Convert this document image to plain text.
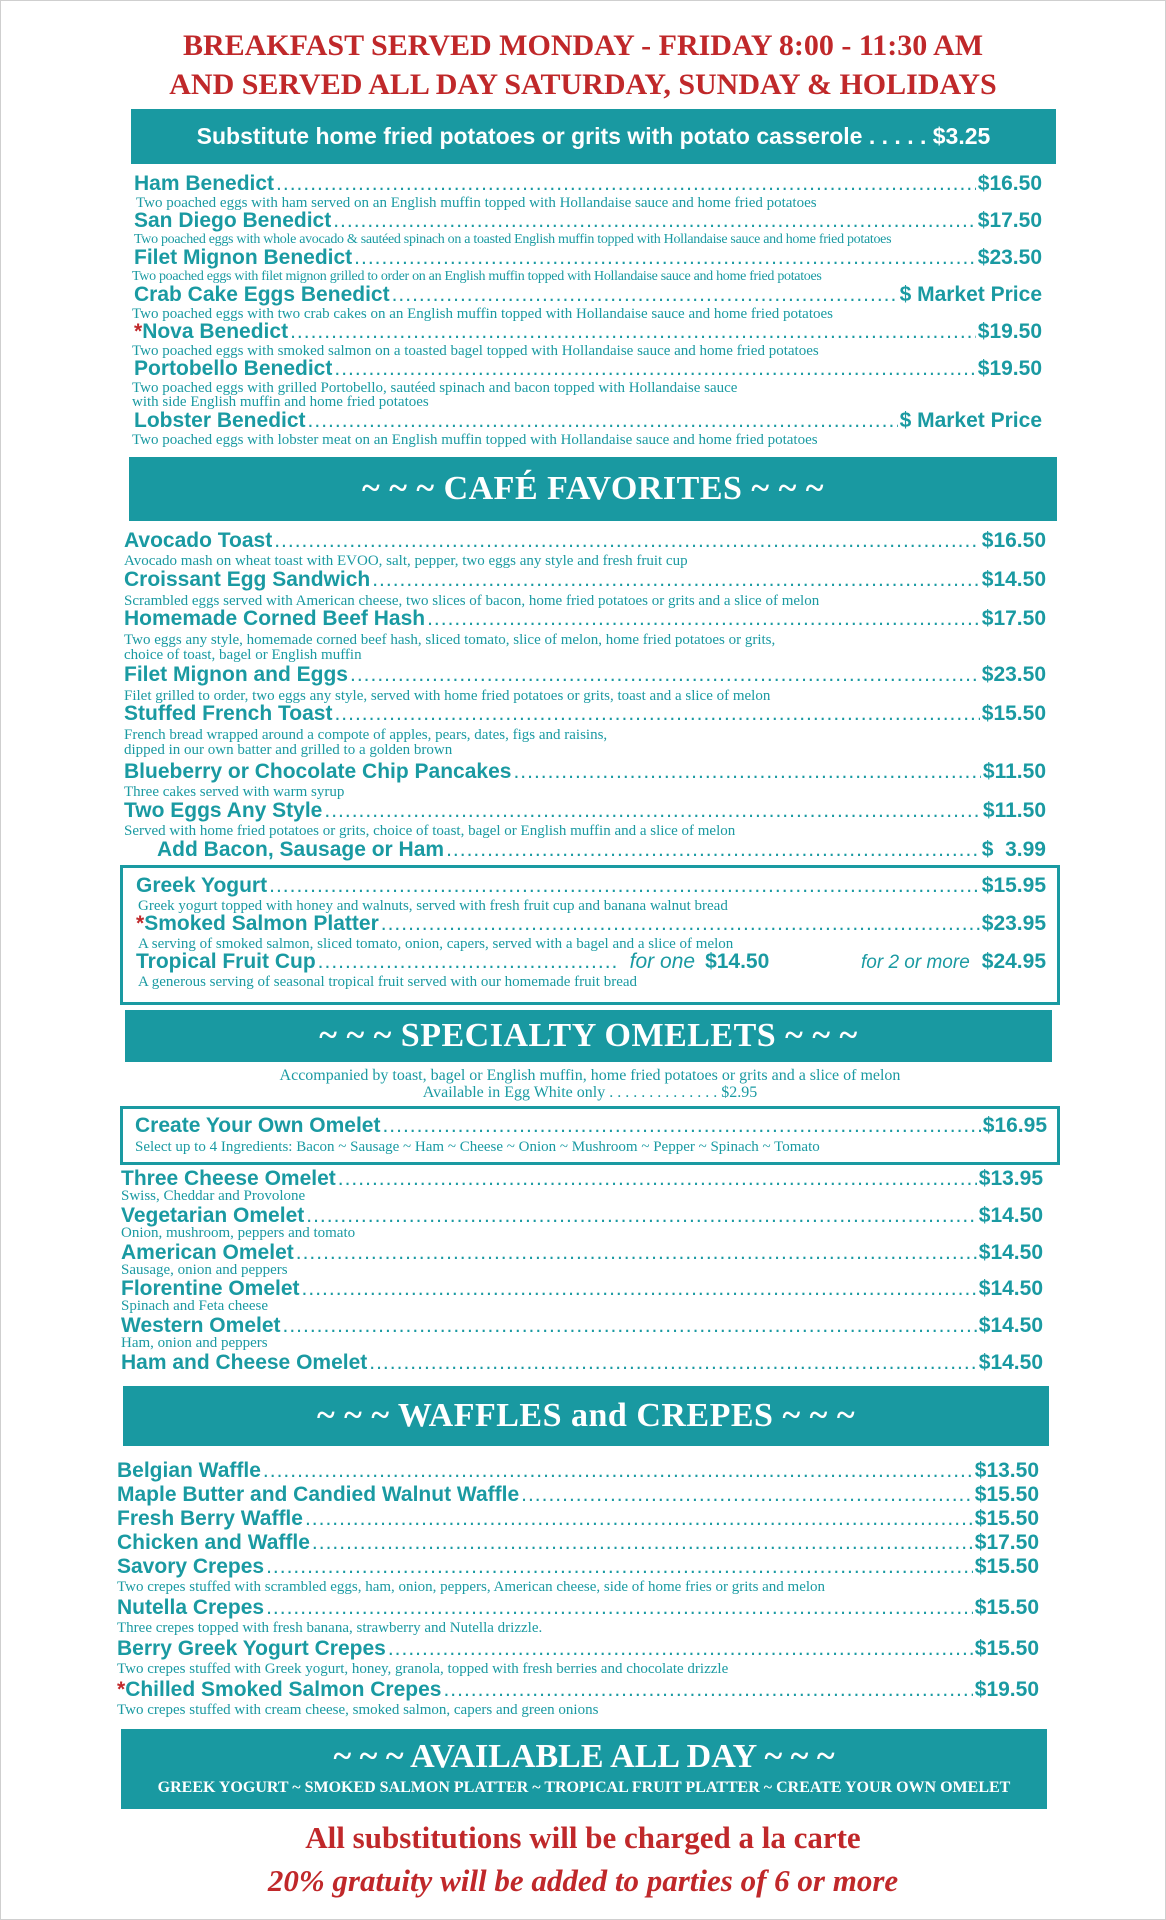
BREAKFAST SERVED MONDAY - FRIDAY 8:00 - 11:30 AM
AND SERVED ALL DAY SATURDAY, SUNDAY & HOLIDAYS
Substitute home fried potatoes or grits with potato casserole . . . . . $3.25
Ham Benedict .....	$16.50
Two poached eggs with ham served on an English muffin topped with Hollandaise sauce and home fried potatoes
San Diego Benedict .....	$17.50
Two poached eggs with whole avocado & sautéed spinach on a toasted English muffin topped with Hollandaise sauce and home fried potatoes
Filet Mignon Benedict .....	$23.50
Two poached eggs with filet mignon grilled to order on an English muffin topped with Hollandaise sauce and home fried potatoes
Crab Cake Eggs Benedict .....	$ Market Price
Two poached eggs with two crab cakes on an English muffin topped with Hollandaise sauce and home fried potatoes
*Nova Benedict .....	$19.50
Two poached eggs with smoked salmon on a toasted bagel topped with Hollandaise sauce and home fried potatoes
Portobello Benedict .....	$19.50
Two poached eggs with grilled Portobello, sautéed spinach and bacon topped with Hollandaise sauce
with side English muffin and home fried potatoes
Lobster Benedict .....	$ Market Price
Two poached eggs with lobster meat on an English muffin topped with Hollandaise sauce and home fried potatoes
~ ~ ~ CAFÉ FAVORITES ~ ~ ~
Avocado Toast .....	$16.50
Avocado mash on wheat toast with EVOO, salt, pepper, two eggs any style and fresh fruit cup
Croissant Egg Sandwich .....	$14.50
Scrambled eggs served with American cheese, two slices of bacon, home fried potatoes or grits and a slice of melon
Homemade Corned Beef Hash .....	$17.50
Two eggs any style, homemade corned beef hash, sliced tomato, slice of melon, home fried potatoes or grits,
choice of toast, bagel or English muffin
Filet Mignon and Eggs .....	$23.50
Filet grilled to order, two eggs any style, served with home fried potatoes or grits, toast and a slice of melon
Stuffed French Toast .....	$15.50
French bread wrapped around a compote of apples, pears, dates, figs and raisins,
dipped in our own batter and grilled to a golden brown
Blueberry or Chocolate Chip Pancakes .....	$11.50
Three cakes served with warm syrup
Two Eggs Any Style .....	$11.50
Served with home fried potatoes or grits, choice of toast, bagel or English muffin and a slice of melon
Add Bacon, Sausage or Ham .....	$  3.99
Greek Yogurt .....	$15.95
Greek yogurt topped with honey and walnuts, served with fresh fruit cup and banana walnut bread
*Smoked Salmon Platter .....	$23.95
A serving of smoked salmon, sliced tomato, onion, capers, served with a bagel and a slice of melon
Tropical Fruit Cup .....	for one $14.50	for 2 or more $24.95
A generous serving of seasonal tropical fruit served with our homemade fruit bread
~ ~ ~ SPECIALTY OMELETS ~ ~ ~
Accompanied by toast, bagel or English muffin, home fried potatoes or grits and a slice of melon
Available in Egg White only . . . . . . . . . . . . . . $2.95
Create Your Own Omelet .....	$16.95
Select up to 4 Ingredients: Bacon ~ Sausage ~ Ham ~ Cheese ~ Onion ~ Mushroom ~ Pepper ~ Spinach ~ Tomato
Three Cheese Omelet .....	$13.95
Swiss, Cheddar and Provolone
Vegetarian Omelet .....	$14.50
Onion, mushroom, peppers and tomato
American Omelet .....	$14.50
Sausage, onion and peppers
Florentine Omelet .....	$14.50
Spinach and Feta cheese
Western Omelet .....	$14.50
Ham, onion and peppers
Ham and Cheese Omelet .....	$14.50
~ ~ ~ WAFFLES and CREPES ~ ~ ~
Belgian Waffle .....	$13.50
Maple Butter and Candied Walnut Waffle .....	$15.50
Fresh Berry Waffle .....	$15.50
Chicken and Waffle .....	$17.50
Savory Crepes .....	$15.50
Two crepes stuffed with scrambled eggs, ham, onion, peppers, American cheese, side of home fries or grits and melon
Nutella Crepes .....	$15.50
Three crepes topped with fresh banana, strawberry and Nutella drizzle.
Berry Greek Yogurt Crepes .....	$15.50
Two crepes stuffed with Greek yogurt, honey, granola, topped with fresh berries and chocolate drizzle
*Chilled Smoked Salmon Crepes .....	$19.50
Two crepes stuffed with cream cheese, smoked salmon, capers and green onions
~ ~ ~ AVAILABLE ALL DAY ~ ~ ~
GREEK YOGURT ~ SMOKED SALMON PLATTER ~ TROPICAL FRUIT PLATTER ~ CREATE YOUR OWN OMELET
All substitutions will be charged a la carte
20% gratuity will be added to parties of 6 or more
